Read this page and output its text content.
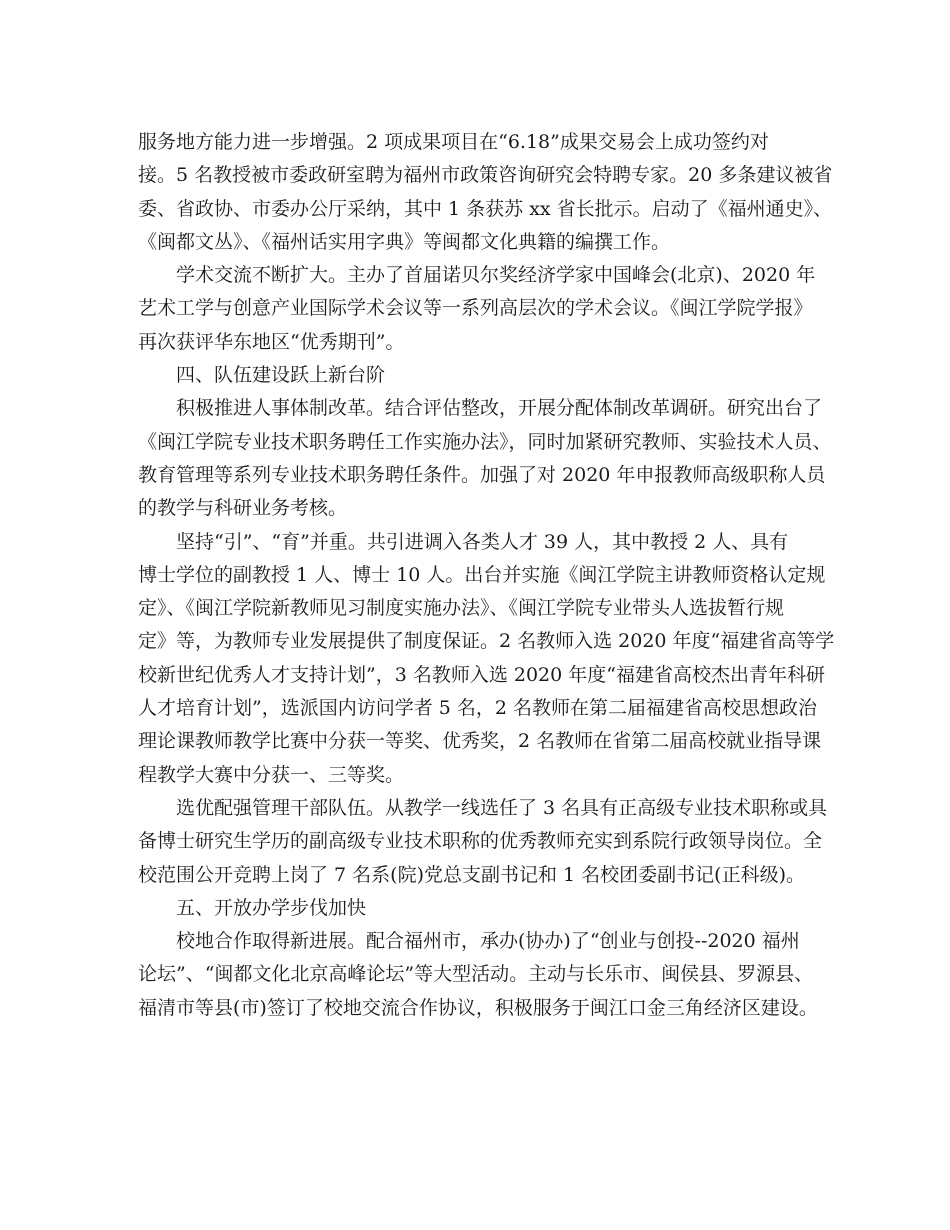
服务地方能力进一步增强。2 项成果项目在“6.18”成果交易会上成功签约对
接。5 名教授被市委政研室聘为福州市政策咨询研究会特聘专家。20 多条建议被省
委、省政协、市委办公厅采纳，其中 1 条获苏 xx 省长批示。启动了《福州通史》、
《闽都文丛》、《福州话实用字典》等闽都文化典籍的编撰工作。
学术交流不断扩大。主办了首届诺贝尔奖经济学家中国峰会(北京)、2020 年
艺术工学与创意产业国际学术会议等一系列高层次的学术会议。《闽江学院学报》
再次获评华东地区“优秀期刊”。
四、队伍建设跃上新台阶
积极推进人事体制改革。结合评估整改，开展分配体制改革调研。研究出台了
《闽江学院专业技术职务聘任工作实施办法》，同时加紧研究教师、实验技术人员、
教育管理等系列专业技术职务聘任条件。加强了对 2020 年申报教师高级职称人员
的教学与科研业务考核。
坚持“引”、“育”并重。共引进调入各类人才 39 人，其中教授 2 人、具有
博士学位的副教授 1 人、博士 10 人。出台并实施《闽江学院主讲教师资格认定规
定》、《闽江学院新教师见习制度实施办法》、《闽江学院专业带头人选拔暂行规
定》等，为教师专业发展提供了制度保证。2 名教师入选 2020 年度“福建省高等学
校新世纪优秀人才支持计划”，3 名教师入选 2020 年度“福建省高校杰出青年科研
人才培育计划”，选派国内访问学者 5 名，2 名教师在第二届福建省高校思想政治
理论课教师教学比赛中分获一等奖、优秀奖，2 名教师在省第二届高校就业指导课
程教学大赛中分获一、三等奖。
选优配强管理干部队伍。从教学一线选任了 3 名具有正高级专业技术职称或具
备博士研究生学历的副高级专业技术职称的优秀教师充实到系院行政领导岗位。全
校范围公开竞聘上岗了 7 名系(院)党总支副书记和 1 名校团委副书记(正科级)。
五、开放办学步伐加快
校地合作取得新进展。配合福州市，承办(协办)了“创业与创投--2020 福州
论坛”、“闽都文化北京高峰论坛”等大型活动。主动与长乐市、闽侯县、罗源县、
福清市等县(市)签订了校地交流合作协议，积极服务于闽江口金三角经济区建设。
